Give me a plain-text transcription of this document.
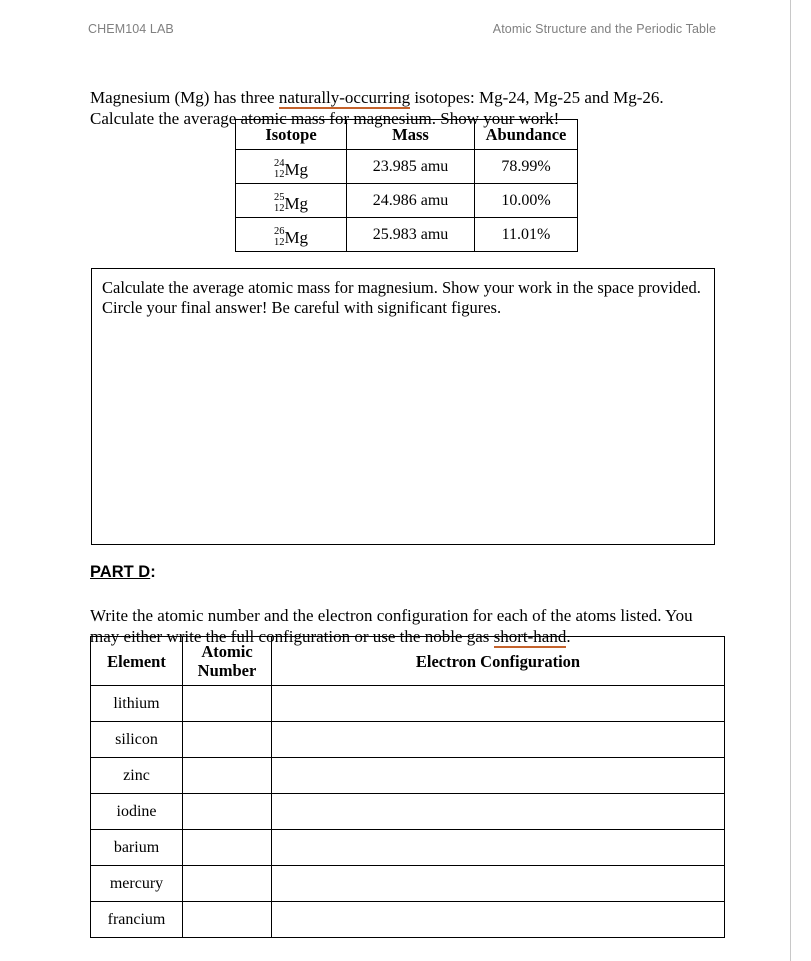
CHEM104 LAB	Atomic Structure and the Periodic Table

Magnesium (Mg) has three naturally-occurring isotopes: Mg-24, Mg-25 and Mg-26. Calculate the average atomic mass for magnesium. Show your work!

Isotope	Mass	Abundance

24
12 Mg	23.985 amu	78.99%

25
12 Mg	24.986 amu	10.00%

26
12 Mg	25.983 amu	11.01%
Calculate the average atomic mass for magnesium. Show your work in the space provided. Circle your final answer! Be careful with significant figures.
PART D:

Write the atomic number and the electron configuration for each of the atoms listed. You may either write the full configuration or use the noble gas short-hand.

Element	Atomic Number	Electron Configuration
lithium		
silicon		
zinc		
iodine		
barium		
mercury		
francium		
